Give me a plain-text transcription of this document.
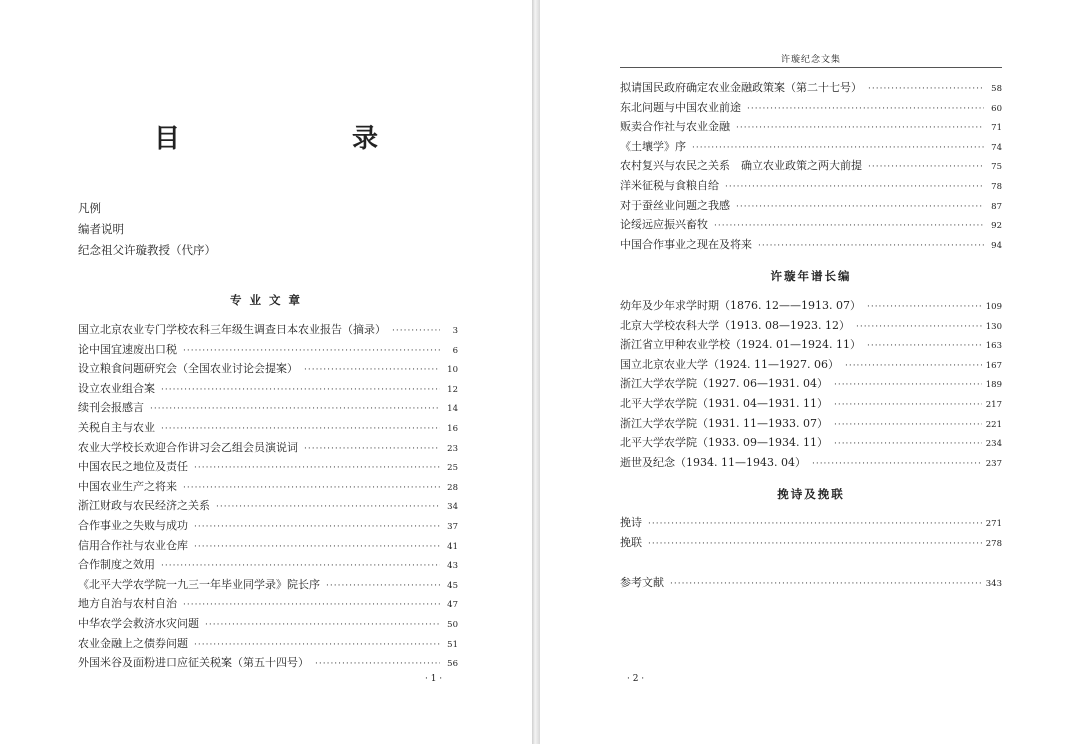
目　　录
凡例
编者说明
纪念祖父许璇教授（代序）
专 业 文 章
国立北京农业专门学校农科三年级生调查日本农业报告（摘录） ·····	3
论中国宜速废出口税 ·····	6
设立粮食问题研究会（全国农业讨论会提案） ·····	10
设立农业组合案 ·····	12
续刊会报感言 ·····	14
关税自主与农业 ·····	16
农业大学校长欢迎合作讲习会乙组会员演说词 ·····	23
中国农民之地位及责任 ·····	25
中国农业生产之将来 ·····	28
浙江财政与农民经济之关系 ·····	34
合作事业之失败与成功 ·····	37
信用合作社与农业仓库 ·····	41
合作制度之效用 ·····	43
《北平大学农学院一九三一年毕业同学录》院长序 ·····	45
地方自治与农村自治 ·····	47
中华农学会救济水灾问题 ·····	50
农业金融上之债券问题 ·····	51
外国米谷及面粉进口应征关税案（第五十四号） ·····	56
· 1 ·
许璇纪念文集
拟请国民政府确定农业金融政策案（第二十七号） ·····	58
东北问题与中国农业前途 ·····	60
贩卖合作社与农业金融 ·····	71
《土壤学》序 ·····	74
农村复兴与农民之关系　确立农业政策之两大前提 ·····	75
洋米征税与食粮自给 ·····	78
对于蚕丝业问题之我感 ·····	87
论绥远应振兴畜牧 ·····	92
中国合作事业之现在及将来 ·····	94
许璇年谱长编
幼年及少年求学时期（1876. 12——1913. 07） ·····	109
北京大学校农科大学（1913. 08—1923. 12） ·····	130
浙江省立甲种农业学校（1924. 01—1924. 11） ·····	163
国立北京农业大学（1924. 11—1927. 06） ·····	167
浙江大学农学院（1927. 06—1931. 04） ·····	189
北平大学农学院（1931. 04—1931. 11） ·····	217
浙江大学农学院（1931. 11—1933. 07） ·····	221
北平大学农学院（1933. 09—1934. 11） ·····	234
逝世及纪念（1934. 11—1943. 04） ·····	237
挽诗及挽联
挽诗 ·····	271
挽联 ·····	278
参考文献 ·····	343
· 2 ·
